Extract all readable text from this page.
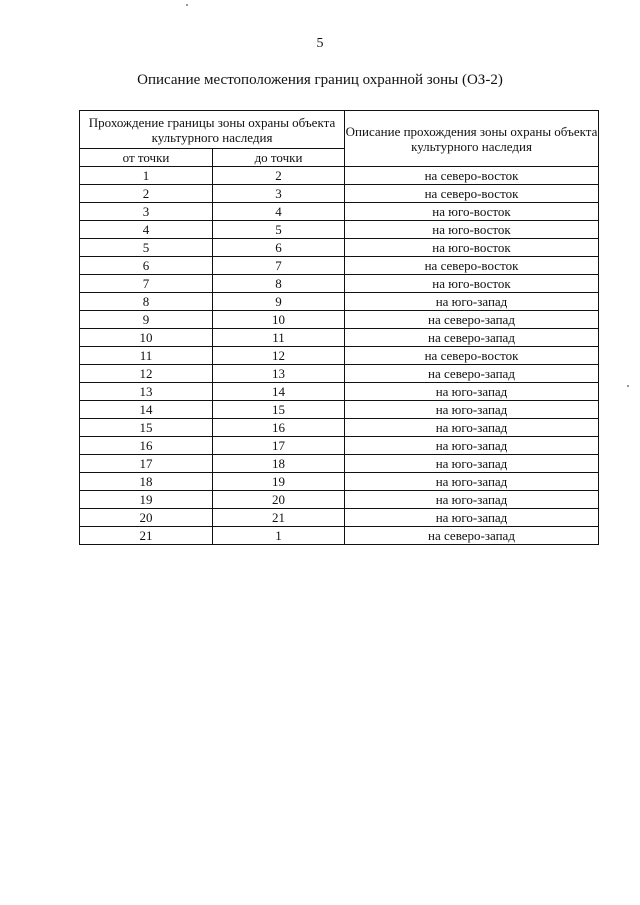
5
Описание местоположения границ охранной зоны (ОЗ-2)
Прохождение границы зоны охраны объекта культурного наследия		Описание прохождения зоны охраны объекта культурного наследия
от точки	до точки	
1	2	на северо-восток
2	3	на северо-восток
3	4	на юго-восток
4	5	на юго-восток
5	6	на юго-восток
6	7	на северо-восток
7	8	на юго-восток
8	9	на юго-запад
9	10	на северо-запад
10	11	на северо-запад
11	12	на северо-восток
12	13	на северо-запад
13	14	на юго-запад
14	15	на юго-запад
15	16	на юго-запад
16	17	на юго-запад
17	18	на юго-запад
18	19	на юго-запад
19	20	на юго-запад
20	21	на юго-запад
21	1	на северо-запад
